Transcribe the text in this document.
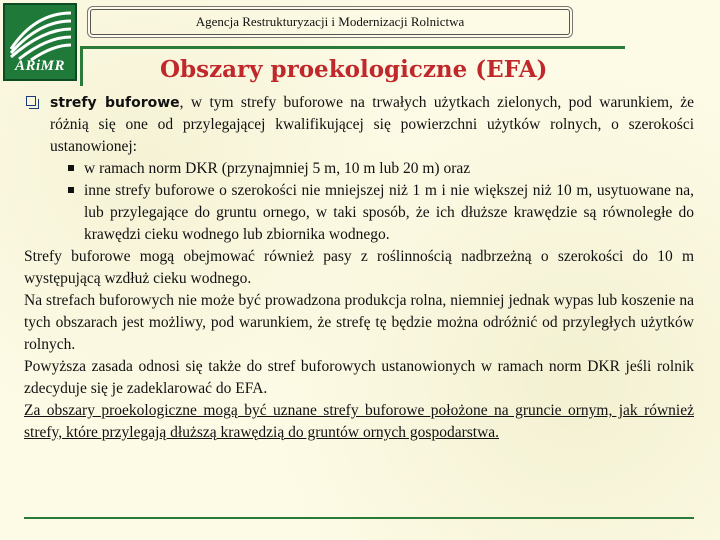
ARiMR
Agencja Restrukturyzacji i Modernizacji Rolnictwa
Obszary proekologiczne (EFA)
strefy buforowe, w tym strefy buforowe na trwałych użytkach zielonych, pod warunkiem, że różnią się one od przylegającej kwalifikującej się powierzchni użytków rolnych, o szerokości ustanowionej:
w ramach norm DKR (przynajmniej 5 m, 10 m lub 20 m) oraz
inne strefy buforowe o szerokości nie mniejszej niż 1 m i nie większej niż 10 m, usytuowane na, lub przylegające do gruntu ornego, w taki sposób, że ich dłuższe krawędzie są równoległe do krawędzi cieku wodnego lub zbiornika wodnego.

Strefy buforowe mogą obejmować również pasy z roślinnością nadbrzeżną o szerokości do 10 m występującą wzdłuż cieku wodnego.

Na strefach buforowych nie może być prowadzona produkcja rolna, niemniej jednak wypas lub koszenie na tych obszarach jest możliwy, pod warunkiem, że strefę tę będzie można odróżnić od przyległych użytków rolnych.

Powyższa zasada odnosi się także do stref buforowych ustanowionych w ramach norm DKR jeśli rolnik zdecyduje się je zadeklarować do EFA.

Za obszary proekologiczne mogą być uznane strefy buforowe położone na gruncie ornym, jak również strefy, które przylegają dłuższą krawędzią do gruntów ornych gospodarstwa.
